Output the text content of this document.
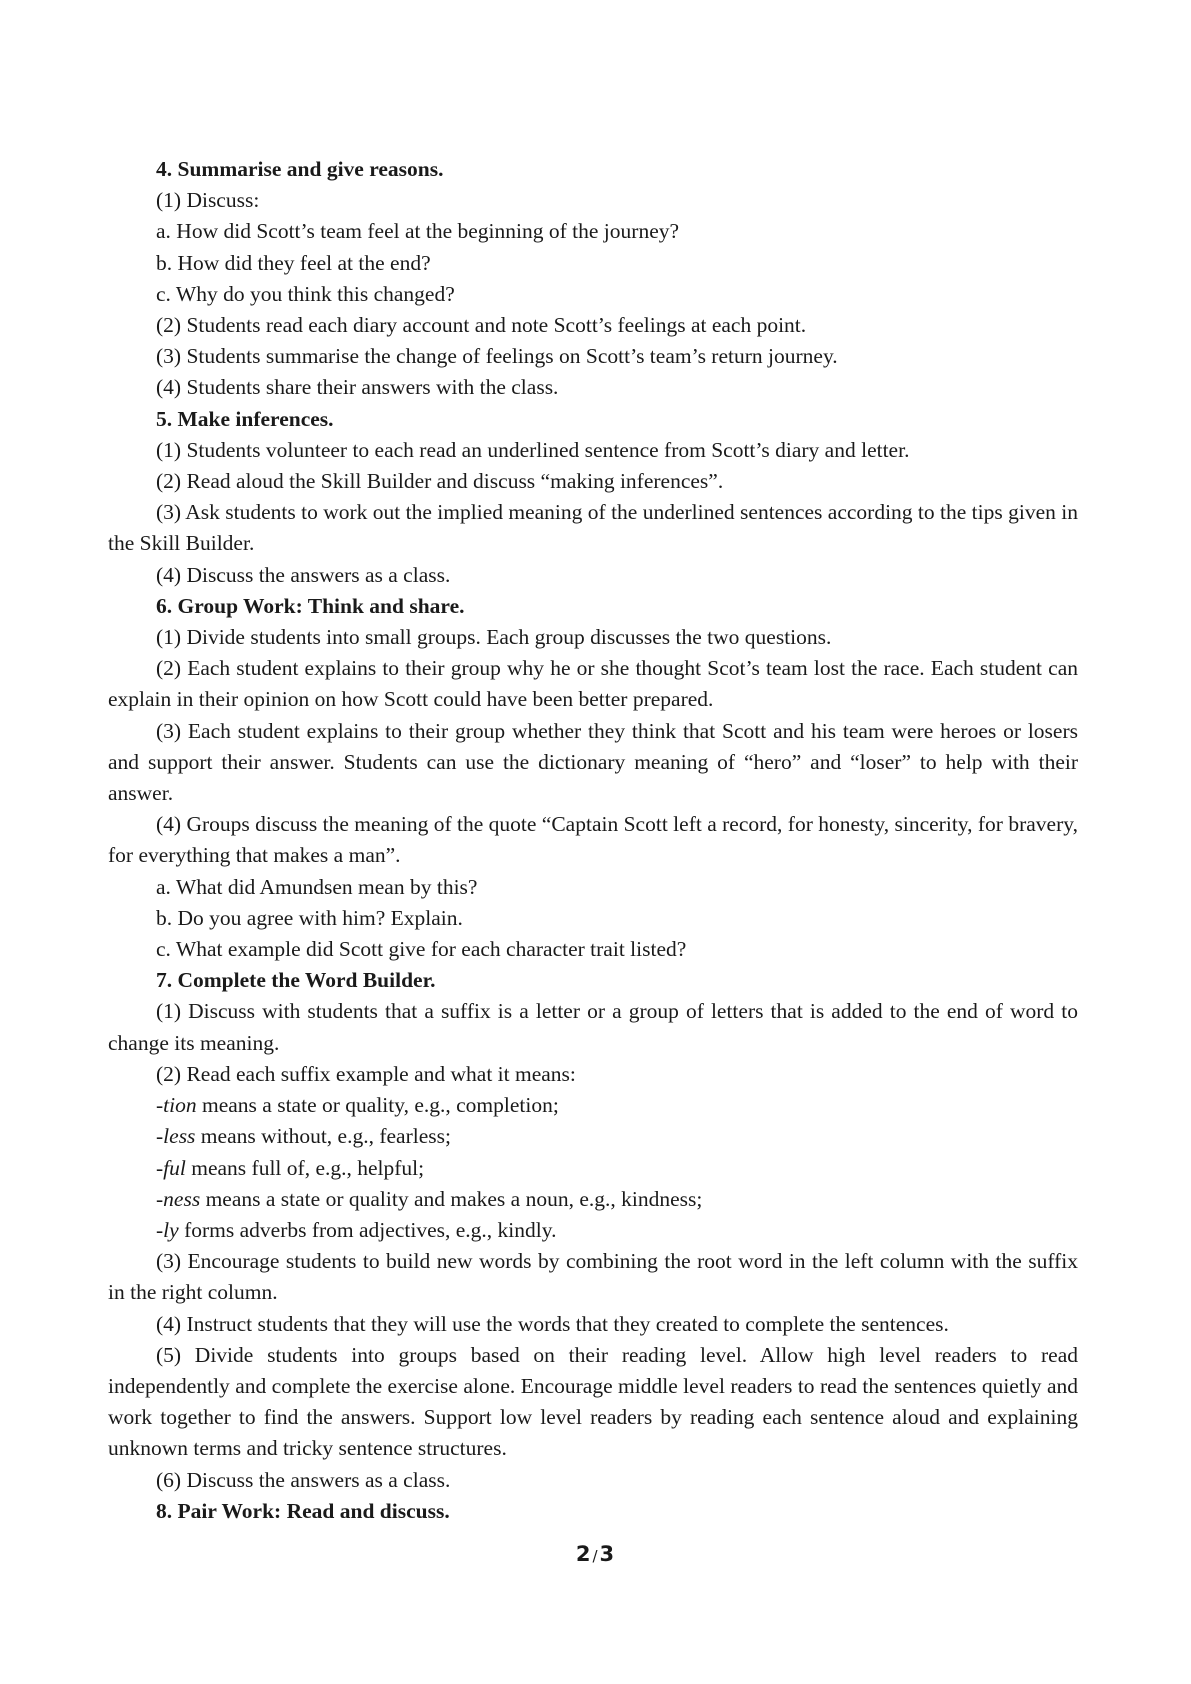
4. Summarise and give reasons.

(1) Discuss:

a. How did Scott’s team feel at the beginning of the journey?

b. How did they feel at the end?

c. Why do you think this changed?

(2) Students read each diary account and note Scott’s feelings at each point.

(3) Students summarise the change of feelings on Scott’s team’s return journey.

(4) Students share their answers with the class.

5. Make inferences.

(1) Students volunteer to each read an underlined sentence from Scott’s diary and letter.

(2) Read aloud the Skill Builder and discuss “making inferences”.

(3) Ask students to work out the implied meaning of the underlined sentences according to the tips given in the Skill Builder.

(4) Discuss the answers as a class.

6. Group Work: Think and share.

(1) Divide students into small groups. Each group discusses the two questions.

(2) Each student explains to their group why he or she thought Scot’s team lost the race. Each student can explain in their opinion on how Scott could have been better prepared.

(3) Each student explains to their group whether they think that Scott and his team were heroes or losers and support their answer. Students can use the dictionary meaning of “hero” and “loser” to help with their answer.

(4) Groups discuss the meaning of the quote “Captain Scott left a record, for honesty, sincerity, for bravery, for everything that makes a man”.

a. What did Amundsen mean by this?

b. Do you agree with him? Explain.

c. What example did Scott give for each character trait listed?

7. Complete the Word Builder.

(1) Discuss with students that a suffix is a letter or a group of letters that is added to the end of word to change its meaning.

(2) Read each suffix example and what it means:

-tion means a state or quality, e.g., completion;

-less means without, e.g., fearless;

-ful means full of, e.g., helpful;

-ness means a state or quality and makes a noun, e.g., kindness;

-ly forms adverbs from adjectives, e.g., kindly.

(3) Encourage students to build new words by combining the root word in the left column with the suffix in the right column.

(4) Instruct students that they will use the words that they created to complete the sentences.

(5) Divide students into groups based on their reading level. Allow high level readers to read independently and complete the exercise alone. Encourage middle level readers to read the sentences quietly and work together to find the answers. Support low level readers by reading each sentence aloud and explaining unknown terms and tricky sentence structures.

(6) Discuss the answers as a class.

8. Pair Work: Read and discuss.

2/3
